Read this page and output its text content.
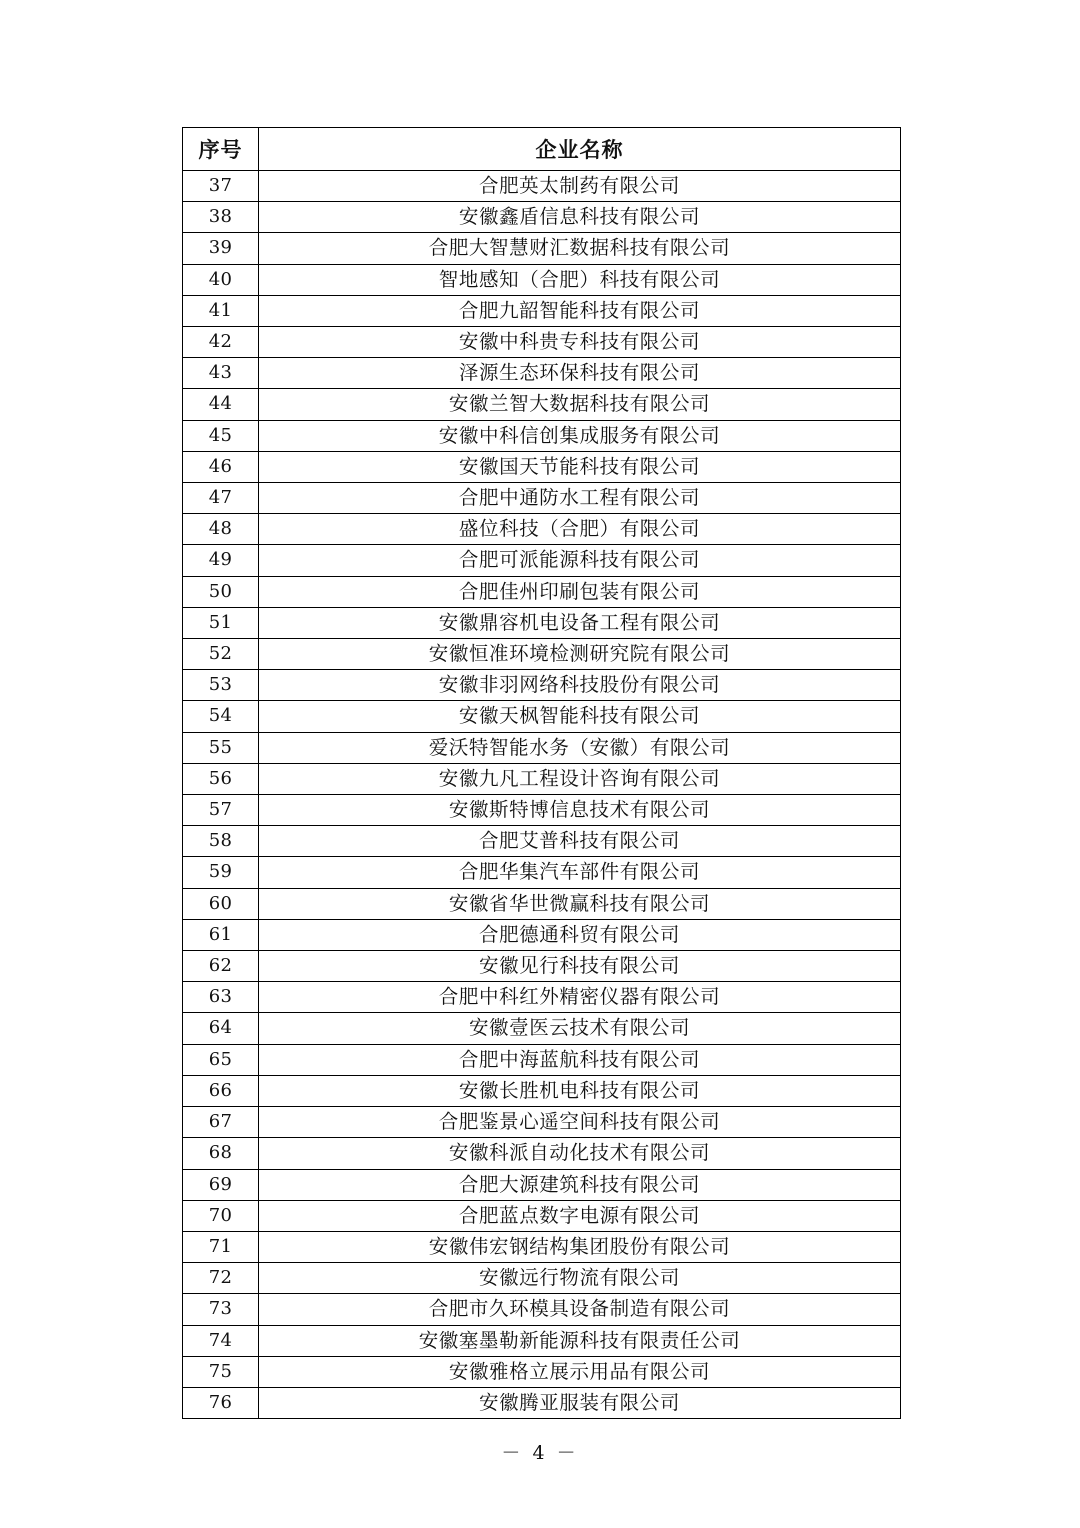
序号	企业名称
37	合肥英太制药有限公司
38	安徽鑫盾信息科技有限公司
39	合肥大智慧财汇数据科技有限公司
40	智地感知（合肥）科技有限公司
41	合肥九韶智能科技有限公司
42	安徽中科贵专科技有限公司
43	泽源生态环保科技有限公司
44	安徽兰智大数据科技有限公司
45	安徽中科信创集成服务有限公司
46	安徽国天节能科技有限公司
47	合肥中通防水工程有限公司
48	盛位科技（合肥）有限公司
49	合肥可派能源科技有限公司
50	合肥佳州印刷包装有限公司
51	安徽鼎容机电设备工程有限公司
52	安徽恒准环境检测研究院有限公司
53	安徽非羽网络科技股份有限公司
54	安徽天枫智能科技有限公司
55	爱沃特智能水务（安徽）有限公司
56	安徽九凡工程设计咨询有限公司
57	安徽斯特博信息技术有限公司
58	合肥艾普科技有限公司
59	合肥华集汽车部件有限公司
60	安徽省华世微赢科技有限公司
61	合肥德通科贸有限公司
62	安徽见行科技有限公司
63	合肥中科红外精密仪器有限公司
64	安徽壹医云技术有限公司
65	合肥中海蓝航科技有限公司
66	安徽长胜机电科技有限公司
67	合肥鉴景心遥空间科技有限公司
68	安徽科派自动化技术有限公司
69	合肥大源建筑科技有限公司
70	合肥蓝点数字电源有限公司
71	安徽伟宏钢结构集团股份有限公司
72	安徽远行物流有限公司
73	合肥市久环模具设备制造有限公司
74	安徽塞墨勒新能源科技有限责任公司
75	安徽雅格立展示用品有限公司
76	安徽腾亚服装有限公司
－ 4 －
